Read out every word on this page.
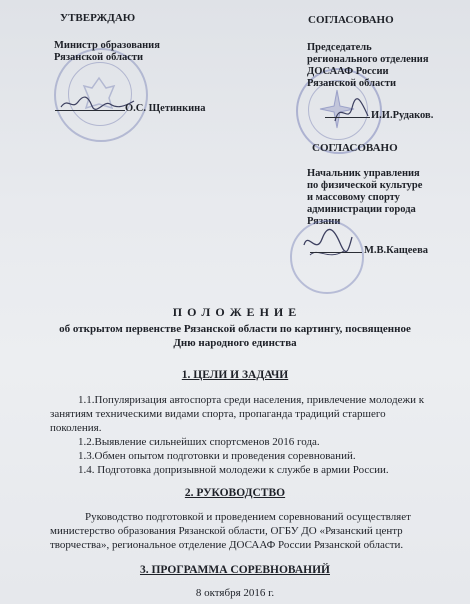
УТВЕРЖДАЮ
Министр образования
Рязанской области
О.С. Щетинкина
СОГЛАСОВАНО
Председатель
регионального отделения
ДОСААФ России
Рязанской области
И.И.Рудаков.
СОГЛАСОВАНО
Начальник управления
по физической культуре
и массовому спорту
администрации города
Рязани
М.В.Кащеева
П О Л О Ж Е Н И Е
об открытом первенстве Рязанской области по картингу, посвященное
Дню народного единства
1. ЦЕЛИ И ЗАДАЧИ
1.1.Популяризация автоспорта среди населения, привлечение молодежи к
занятиям техническими видами спорта, пропаганда традиций старшего
поколения.
1.2.Выявление сильнейших спортсменов 2016 года.
1.3.Обмен опытом подготовки и проведения соревнований.
1.4. Подготовка допризывной молодежи к службе в армии России.
2. РУКОВОДСТВО
Руководство подготовкой и проведением соревнований осуществляет
министерство образования Рязанской области, ОГБУ ДО «Рязанский центр
творчества», региональное отделение ДОСААФ России Рязанской области.
3. ПРОГРАММА СОРЕВНОВАНИЙ
8 октября 2016 г.
